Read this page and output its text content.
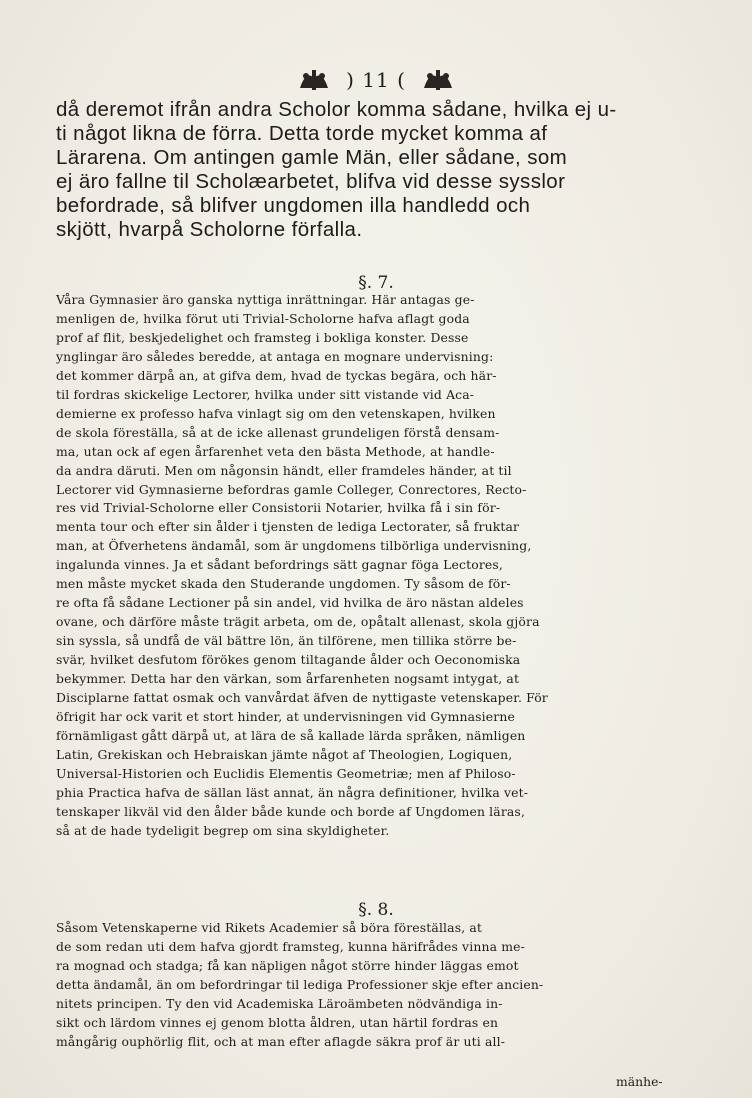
) 11 (

då deremot ifrån andra Scholor komma sådane, hvilka ej u-
ti något likna de förra. Detta torde mycket komma af
Lärarena. Om antingen gamle Män, eller sådane, som
ej äro fallne til Scholæarbetet, blifva vid desse sysslor
befordrade, så blifver ungdomen illa handledd och
skjött, hvarpå Scholorne förfalla.

§. 7.

Våra Gymnasier äro ganska nyttiga inrättningar. Här antagas ge-
menligen de, hvilka förut uti Trivial-Scholorne hafva aflagt goda
prof af flit, beskjedelighet och framsteg i bokliga konster. Desse
ynglingar äro således beredde, at antaga en mognare undervisning:
det kommer därpå an, at gifva dem, hvad de tyckas begära, och här-
til fordras skickelige Lectorer, hvilka under sitt vistande vid Aca-
demierne ex professo hafva vinlagt sig om den vetenskapen, hvilken
de skola föreställa, så at de icke allenast grundeligen förstå densam-
ma, utan ock af egen årfarenhet veta den bästa Methode, at handle-
da andra däruti. Men om någonsin händt, eller framdeles händer, at til
Lectorer vid Gymnasierne befordras gamle Colleger, Conrectores, Recto-
res vid Trivial-Scholorne eller Consistorii Notarier, hvilka få i sin för-
menta tour och efter sin ålder i tjensten de lediga Lectorater, så fruktar
man, at Öfverhetens ändamål, som är ungdomens tilbörliga undervisning,
ingalunda vinnes. Ja et sådant befordrings sätt gagnar föga Lectores,
men måste mycket skada den Studerande ungdomen. Ty såsom de för-
re ofta få sådane Lectioner på sin andel, vid hvilka de äro nästan aldeles
ovane, och därföre måste trägit arbeta, om de, opåtalt allenast, skola gjöra
sin sysslа, så undfå de väl bättre lön, än tilförene, men tillika större be-
svär, hvilket desfutom förökes genom tiltagande ålder och Oeconomiska
bekymmer. Detta har den värkan, som årfarenheten nogsamt intygat, at
Disciplarne fattat osmak och vanvårdat äfven de nyttigaste vetenskaper. För
öfrigit har ock varit et stort hinder, at undervisningen vid Gymnasierne
förnämligast gått därpå ut, at lära de så kallade lärda språken, nämligen
Latin, Grekiskan och Hebraiskan jämte något af Theologien, Logiquen,
Universal-Historien och Euclidis Elementis Geometriæ; men af Philoso-
phia Practica hafva de sällan läst annat, än några definitioner, hvilka vet-
tenskaper likväl vid den ålder både kunde och borde af Ungdomen läras,
så at de hade tydeligit begrep om sina skyldigheter.

§. 8.

Såsom Vetenskaperne vid Rikets Academier så böra föreställas, at
de som redan uti dem hafva gjordt framsteg, kunna härifrådes vinna me-
ra mognad och stadga; få kan näpligen något större hinder läggas emot
detta ändamål, än om befordringar til lediga Professioner skje efter ancien-
nitets principen. Ty den vid Academiska Läroämbeten nödvändiga in-
sikt och lärdom vinnes ej genom blotta åldren, utan härtil fordras en
mångårig ouphörlig flit, och at man efter aflagde säkra prof är uti all-

mänhe-
